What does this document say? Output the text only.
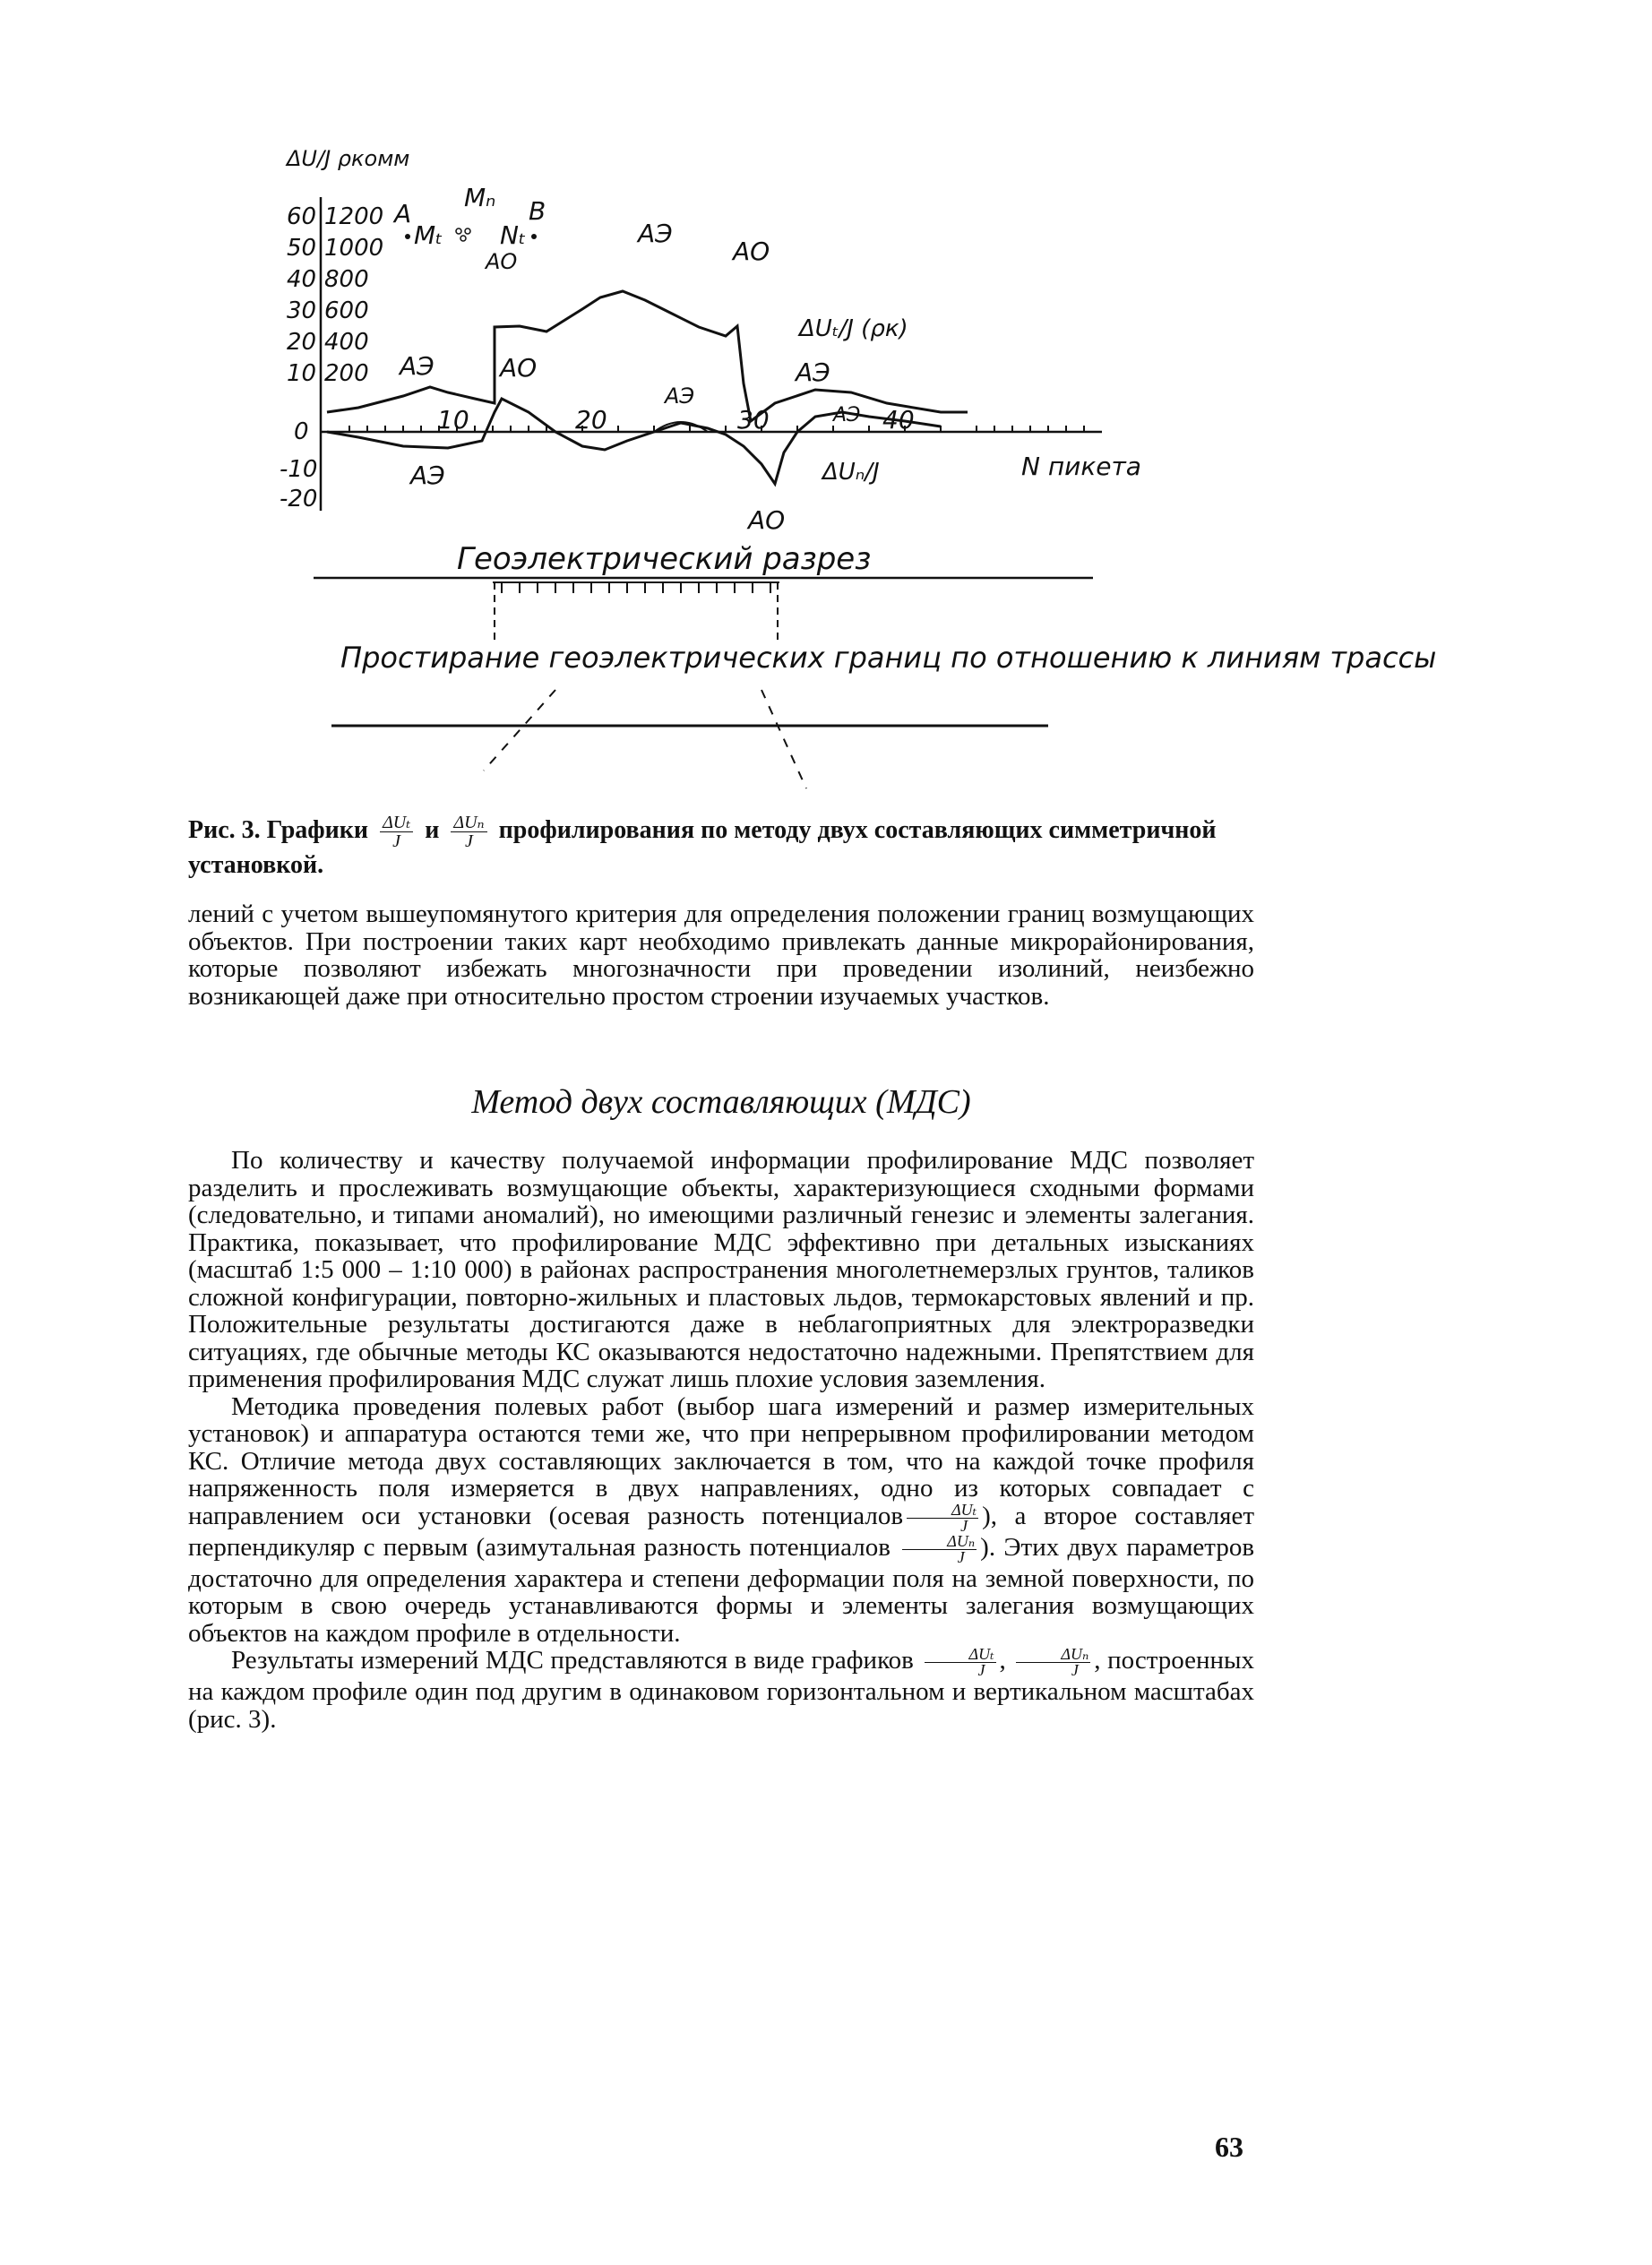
ΔU/J ρкомм
60
50
40
30
20
10
0
-10
-20
1200
1000
800
600
400
200
10	20	30	40
N пикета
A
Mₜ
Mₙ
Nₜ
B
АЭ
АО
АО
АЭ	АО
АЭ
АЭ
АЭ
АЭ
АО
ΔUₜ/J (ρк)
ΔUₙ/J
Геоэлектрический разрез
Простирание геоэлектрических границ по отношению к линиям трассы
Рис. 3. Графики $\frac{\text{ΔUₜ}}{J}$ и $\frac{\text{ΔUₙ}}{J}$ профилирования по методу двух составляющих симметричной установкой.

лений с учетом вышеупомянутого критерия для определения положении границ возмущающих объектов. При построении таких карт необходимо привлекать данные микрорайонирования, которые позволяют избежать многозначности при проведении изолиний, неизбежно возникающей даже при относительно простом строении изучаемых участков.

Метод двух составляющих (МДС)

По количеству и качеству получаемой информации профилирование МДС позволяет разделить и прослеживать возмущающие объекты, характеризующиеся сходными формами (следовательно, и типами аномалий), но имеющими различный генезис и элементы залегания. Практика, показывает, что профилирование МДС эффективно при детальных изысканиях (масштаб 1:5 000 – 1:10 000) в районах распространения многолетнемерзлых грунтов, таликов сложной конфигурации, повторно-жильных и пластовых льдов, термокарстовых явлений и пр. Положительные результаты достигаются даже в неблагоприятных для электроразведки ситуациях, где обычные методы КС оказываются недостаточно надежными. Препятствием для применения профилирования МДС служат лишь плохие условия заземления.

Методика проведения полевых работ (выбор шага измерений и размер измерительных установок) и аппаратура остаются теми же, что при непрерывном профилировании методом КС. Отличие метода двух составляющих заключается в том, что на каждой точке профиля напряженность поля измеряется в двух направлениях, одно из которых совпадает с направлением оси установки (осевая разность потенциалов $\frac{\text{ΔUₜ}}{J}$ ), а второе составляет перпендикуляр с первым (азимутальная разность потенциалов $\frac{\text{ΔUₙ}}{J}$ ). Этих двух параметров достаточно для определения характера и степени деформации поля на земной поверхности, по которым в свою очередь устанавливаются формы и элементы залегания возмущающих объектов на каждом профиле в отдельности.

Результаты измерений МДС представляются в виде графиков $\frac{\text{ΔUₜ}}{J}$ , $\frac{\text{ΔUₙ}}{J}$ , построенных на каждом профиле один под другим в одинаковом горизонтальном и вертикальном масштабах (рис. 3).

63
